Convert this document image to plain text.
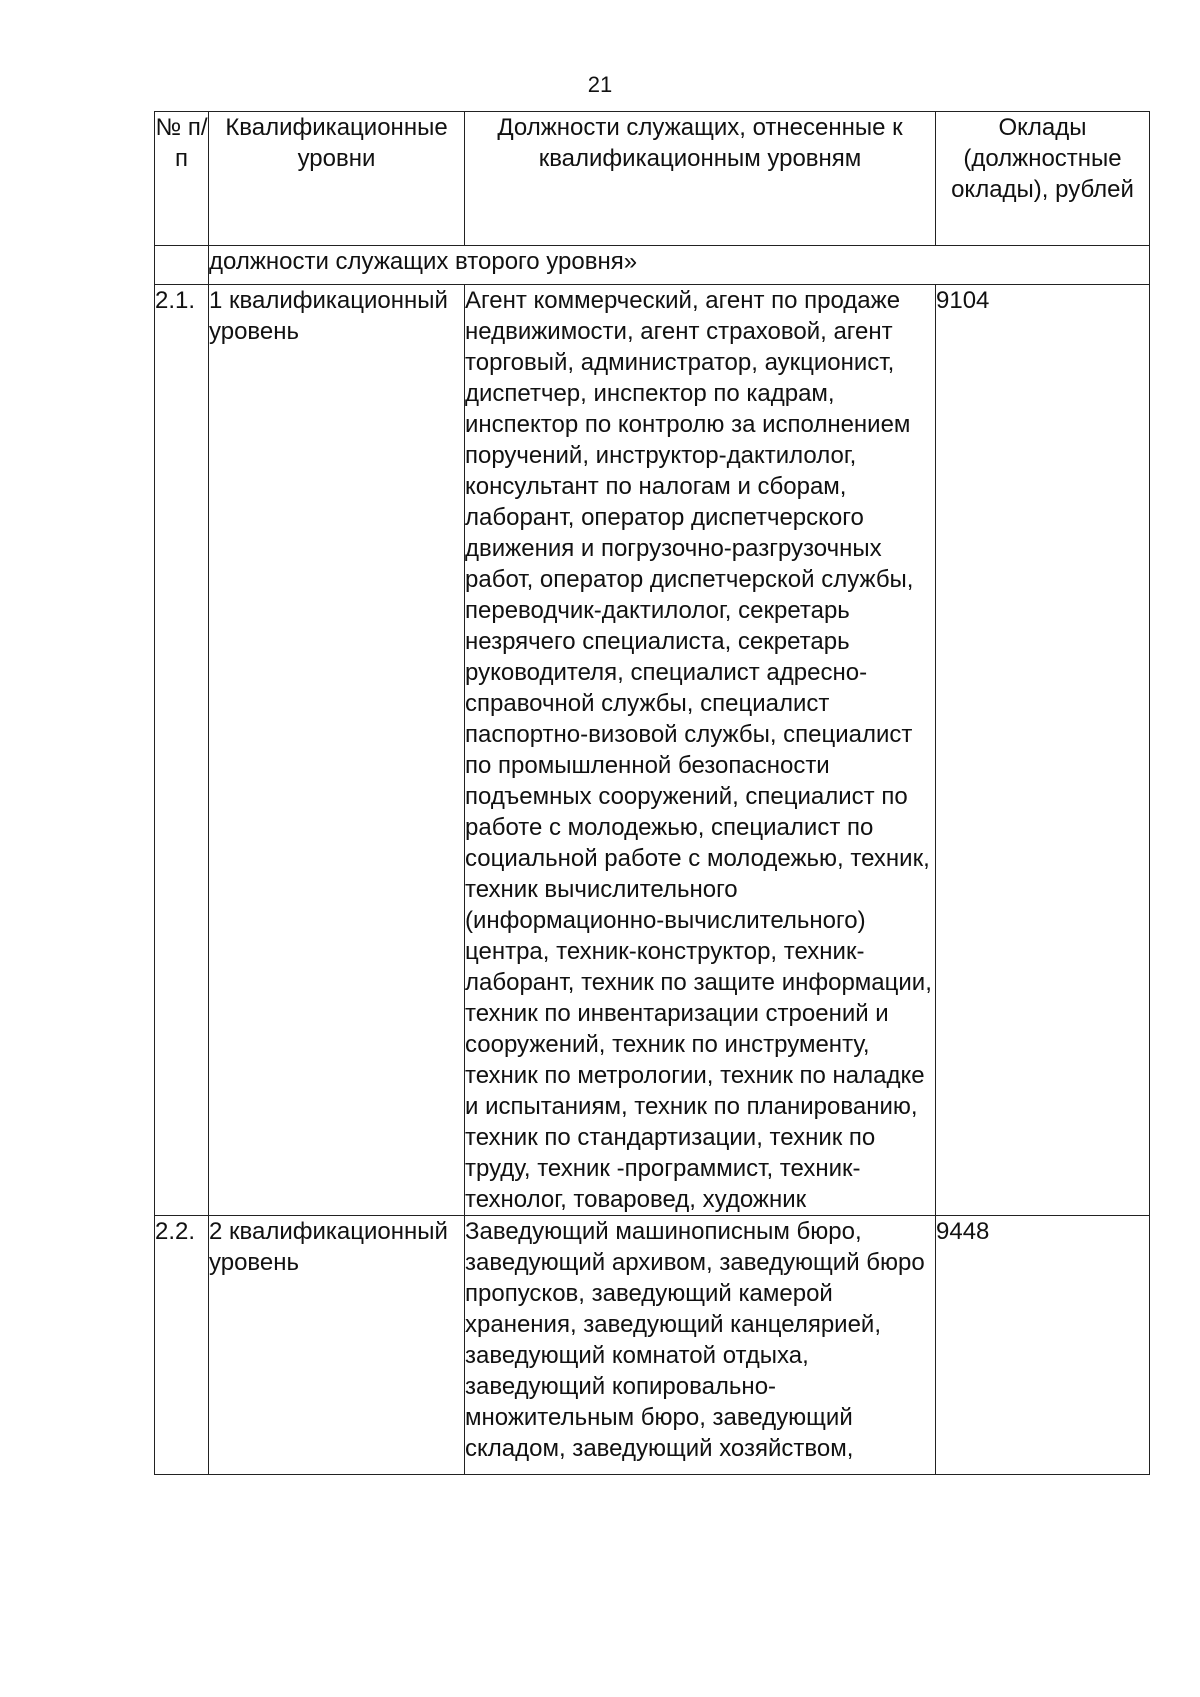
21
№ п/п	Квалификационные уровни	Должности служащих, отнесенные к квалификационным уровням	Оклады (должностные оклады), рублей
	должности служащих второго уровня»		
2.1.	1 квалификационный уровень	Агент коммерческий, агент по продаже недвижимости, агент страховой, агент торговый, администратор, аукционист, диспетчер, инспектор по кадрам, инспектор по контролю за исполнением поручений, инструктор-дактилолог, консультант по налогам и сборам, лаборант, оператор диспетчерского движения и погрузочно-разгрузочных работ, оператор диспетчерской службы, переводчик-дактилолог, секретарь незрячего специалиста, секретарь руководителя, специалист адресно-справочной службы, специалист паспортно-визовой службы, специалист по промышленной безопасности подъемных сооружений, специалист по работе с молодежью, специалист по социальной работе с молодежью, техник, техник вычислительного (информационно-вычислительного) центра, техник-конструктор, техник-лаборант, техник по защите информации, техник по инвентаризации строений и сооружений, техник по инструменту, техник по метрологии, техник по наладке и испытаниям, техник по планированию, техник по стандартизации, техник по труду, техник -программист, техник-технолог, товаровед, художник	9104
2.2.	2 квалификационный уровень	Заведующий машинописным бюро, заведующий архивом, заведующий бюро пропусков, заведующий камерой хранения, заведующий канцелярией, заведующий комнатой отдыха, заведующий копировально-множительным бюро, заведующий складом, заведующий хозяйством,	9448
